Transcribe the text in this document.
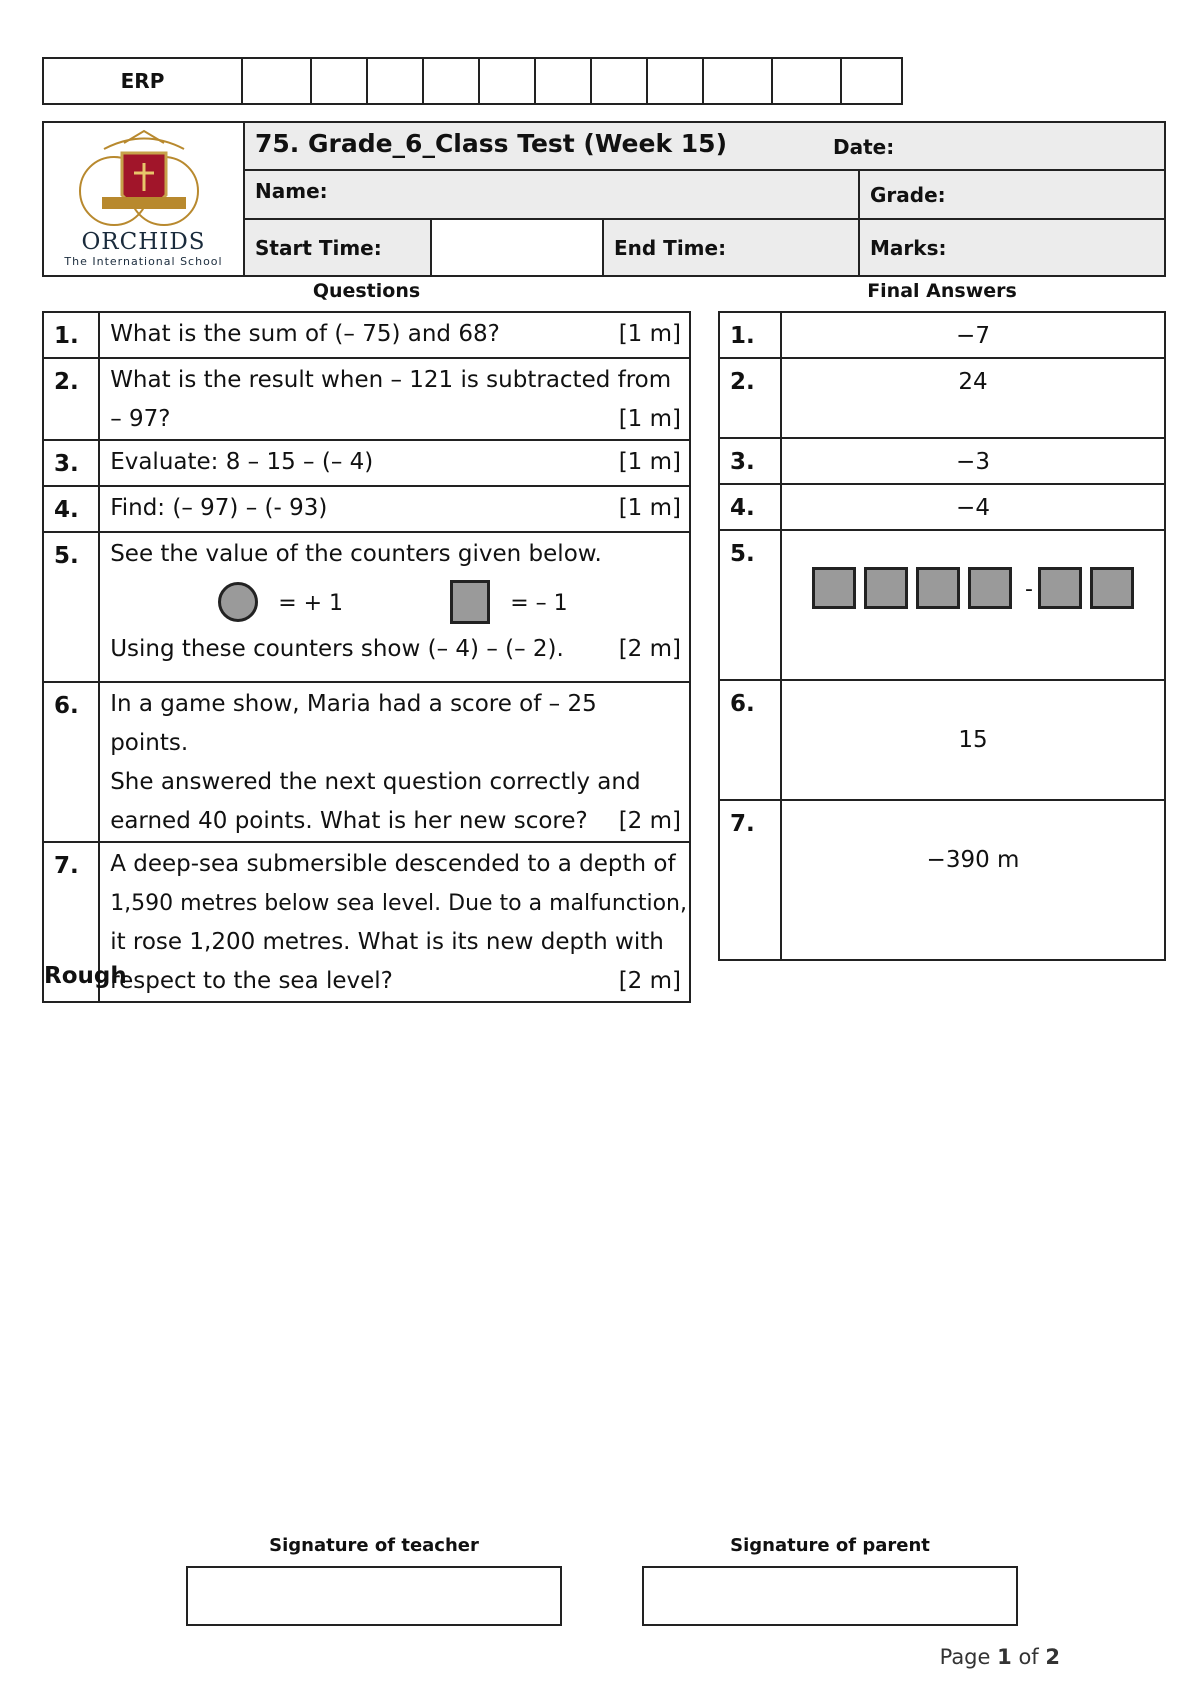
ERP											
ORCHIDS
The International School
75. Grade_6_Class Test (Week 15)	Date:
Name:	Grade:
Start Time:	End Time:	Marks:
Questions	Final Answers
1.	What is the sum of (– 75) and 68? [1 m]

2.	What is the result when – 121 is subtracted from
– 97? [1 m]

3.	Evaluate: 8 – 15 – (– 4) [1 m]

4.	Find: (– 97) – (- 93) [1 m]

5.	See the value of the counters given below.
= + 1 = – 1
Using these counters show (– 4) – (– 2). [2 m]

6.	In a game show, Maria had a score of – 25 points.
She answered the next question correctly and
earned 40 points. What is her new score? [2 m]

7.	A deep-sea submersible descended to a depth of
1,590 metres below sea level. Due to a malfunction,
it rose 1,200 metres. What is its new depth with
respect to the sea level? [2 m]
1.	−7
2.	24
3.	−3
4.	−4
5.	-
6.	15
7.	−390 m
Rough
Signature of teacher	Signature of parent
Page 1 of 2
